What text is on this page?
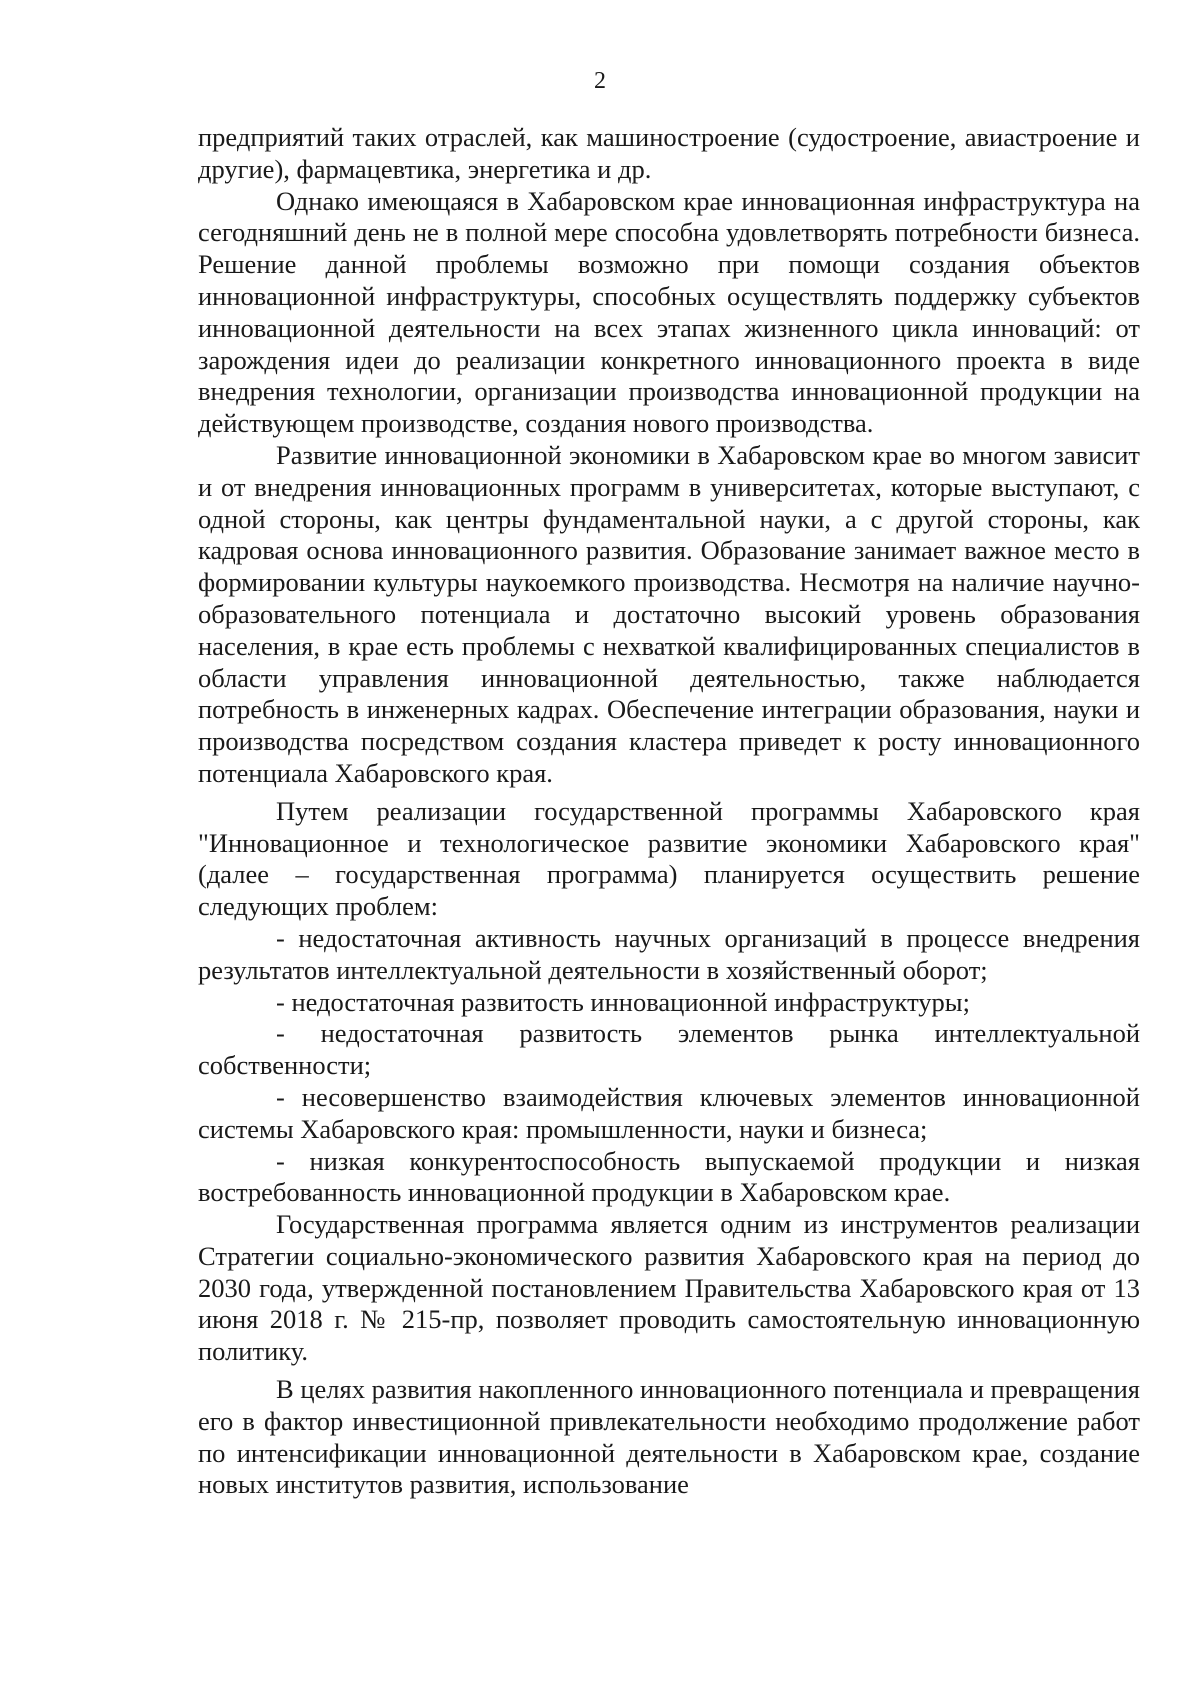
2

предприятий таких отраслей, как машиностроение (судостроение, авиастроение и другие), фармацевтика, энергетика и др.

Однако имеющаяся в Хабаровском крае инновационная инфраструктура на сегодняшний день не в полной мере способна удовлетворять потребности бизнеса. Решение данной проблемы возможно при помощи создания объектов инновационной инфраструктуры, способных осуществлять поддержку субъектов инновационной деятельности на всех этапах жизненного цикла инноваций: от зарождения идеи до реализации конкретного инновационного проекта в виде внедрения технологии, организации производства инновационной продукции на действующем производстве, создания нового производства.

Развитие инновационной экономики в Хабаровском крае во многом зависит и от внедрения инновационных программ в университетах, которые выступают, с одной стороны, как центры фундаментальной науки, а с другой стороны, как кадровая основа инновационного развития. Образование занимает важное место в формировании культуры наукоемкого производства. Несмотря на наличие научно-образовательного потенциала и достаточно высокий уровень образования населения, в крае есть проблемы с нехваткой квалифицированных специалистов в области управления инновационной деятельностью, также наблюдается потребность в инженерных кадрах. Обеспечение интеграции образования, науки и производства посредством создания кластера приведет к росту инновационного потенциала Хабаровского края.

Путем реализации государственной программы Хабаровского края "Инновационное и технологическое развитие экономики Хабаровского края" (далее – государственная программа) планируется осуществить решение следующих проблем:

- недостаточная активность научных организаций в процессе внедрения результатов интеллектуальной деятельности в хозяйственный оборот;

- недостаточная развитость инновационной инфраструктуры;

- недостаточная развитость элементов рынка интеллектуальной собственности;

- несовершенство взаимодействия ключевых элементов инновационной системы Хабаровского края: промышленности, науки и бизнеса;

- низкая конкурентоспособность выпускаемой продукции и низкая востребованность инновационной продукции в Хабаровском крае.

Государственная программа является одним из инструментов реализации Стратегии социально-экономического развития Хабаровского края на период до 2030 года, утвержденной постановлением Правительства Хабаровского края от 13 июня 2018 г. № 215-пр, позволяет проводить самостоятельную инновационную политику.

В целях развития накопленного инновационного потенциала и превращения его в фактор инвестиционной привлекательности необходимо продолжение работ по интенсификации инновационной деятельности в Хабаровском крае, создание новых институтов развития, использование
